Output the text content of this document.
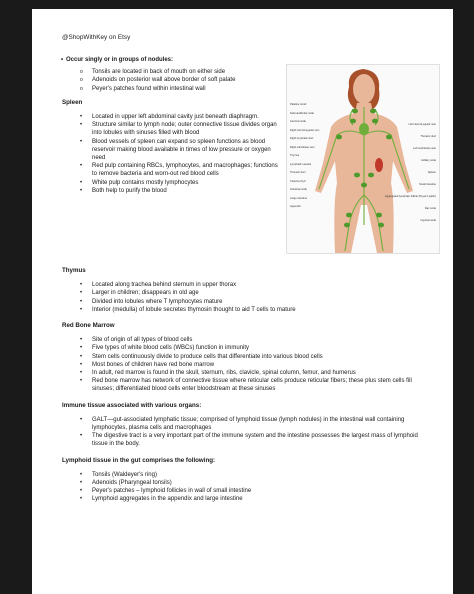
@ShopWithKey on Etsy
• Occur singly or in groups of nodules:
o Tonsils are located in back of mouth on either side
o Adenoids on posterior wall above border of soft palate
o Peyer's patches found within intestinal wall

Spleen

• Located in upper left abdominal cavity just beneath diaphragm.
• Structure similar to lymph node; outer connective tissue divides organ into lobules with sinuses filled with blood
• Blood vessels of spleen can expand so spleen functions as blood reservoir making blood available in times of low pressure or oxygen need
• Red pulp containing RBCs, lymphocytes, and macrophages; functions to remove bacteria and worn-out red blood cells
• White pulp contains mostly lymphocytes
• Both help to purify the blood
Palatine tonsil
Submandibular node
Cervical node
Right internal jugular vein
Right lymphatic duct
Right subclavian vein
Thymus
Lymphatic vessels
Thoracic duct
Cisterna chyli
Intestinal node
Large intestine
Appendix
Left internal jugular vein
Thoracic duct
Left subclavian vein
Axillary node
Spleen
Small intestine
Aggregated lymphatic follicle (Peyer's patch)
Iliac node
Inguinal node

Thymus

• Located along trachea behind sternum in upper thorax
• Larger in children; disappears in old age
• Divided into lobules where T lymphocytes mature
• Interior (medulla) of lobule secretes thymosin thought to aid T cells to mature

Red Bone Marrow

• Site of origin of all types of blood cells
• Five types of white blood cells (WBCs) function in immunity
• Stem cells continuously divide to produce cells that differentiate into various blood cells
• Most bones of children have red bone marrow
• In adult, red marrow is found in the skull, sternum, ribs, clavicle, spinal column, femur, and humerus
• Red bone marrow has network of connective tissue where reticular cells produce reticular fibers; these plus stem cells fill sinuses; differentiated blood cells enter bloodstream at these sinuses

Immune tissue associated with various organs:

• GALT—gut-associated lymphatic tissue; comprised of lymphoid tissue (lymph nodules) in the intestinal wall containing lymphocytes, plasma cells and macrophages
• The digestive tract is a very important part of the immune system and the intestine possesses the largest mass of lymphoid tissue in the body.

Lymphoid tissue in the gut comprises the following:

• Tonsils (Waldeyer's ring)
• Adenoids (Pharyngeal tonsils)
• Peyer's patches – lymphoid follicles in wall of small intestine
• Lymphoid aggregates in the appendix and large intestine
